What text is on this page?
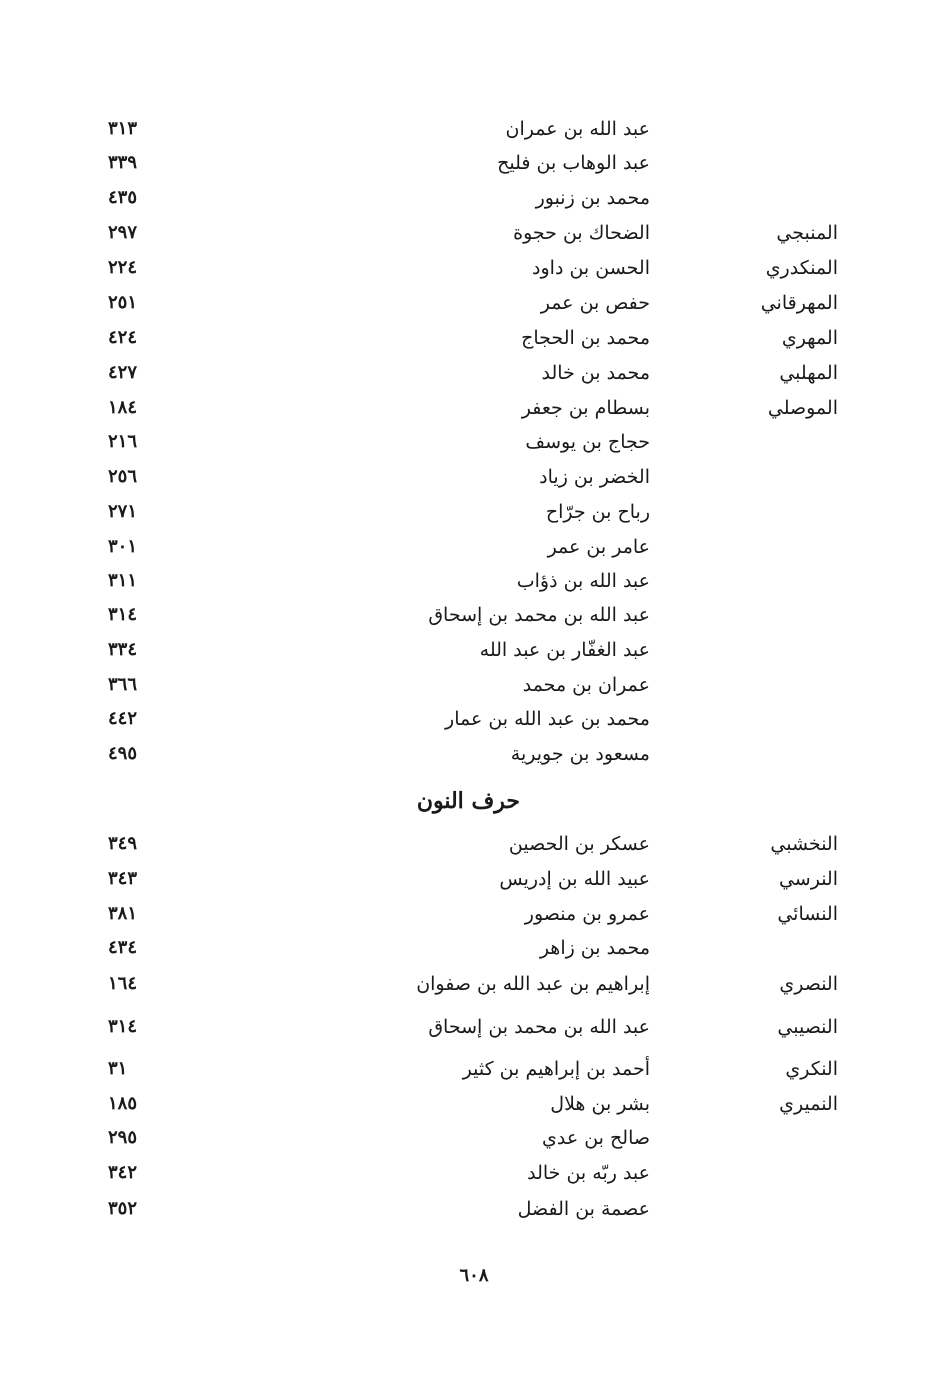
عبد الله بن عمران
٣١٣
عبد الوهاب بن فليح
٣٣٩
محمد بن زنبور
٤٣٥
المنبجي
الضحاك بن حجوة
٢٩٧
المنكدري
الحسن بن داود
٢٢٤
المهرقاني
حفص بن عمر
٢٥١
المهري
محمد بن الحجاج
٤٢٤
المهلبي
محمد بن خالد
٤٢٧
الموصلي
بسطام بن جعفر
١٨٤
حجاج بن يوسف
٢١٦
الخضر بن زياد
٢٥٦
رباح بن جرّاح
٢٧١
عامر بن عمر
٣٠١
عبد الله بن ذؤاب
٣١١
عبد الله بن محمد بن إسحاق
٣١٤
عبد الغفّار بن عبد الله
٣٣٤
عمران بن محمد
٣٦٦
محمد بن عبد الله بن عمار
٤٤٢
مسعود بن جويرية
٤٩٥
حرف النون
النخشبي
عسكر بن الحصين
٣٤٩
النرسي
عبيد الله بن إدريس
٣٤٣
النسائي
عمرو بن منصور
٣٨١
محمد بن زاهر
٤٣٤
النصري
إبراهيم بن عبد الله بن صفوان
١٦٤
النصيبي
عبد الله بن محمد بن إسحاق
٣١٤
النكري
أحمد بن إبراهيم بن كثير
٣١
النميري
بشر بن هلال
١٨٥
صالح بن عدي
٢٩٥
عبد ربّه بن خالد
٣٤٢
عصمة بن الفضل
٣٥٢
٦٠٨
